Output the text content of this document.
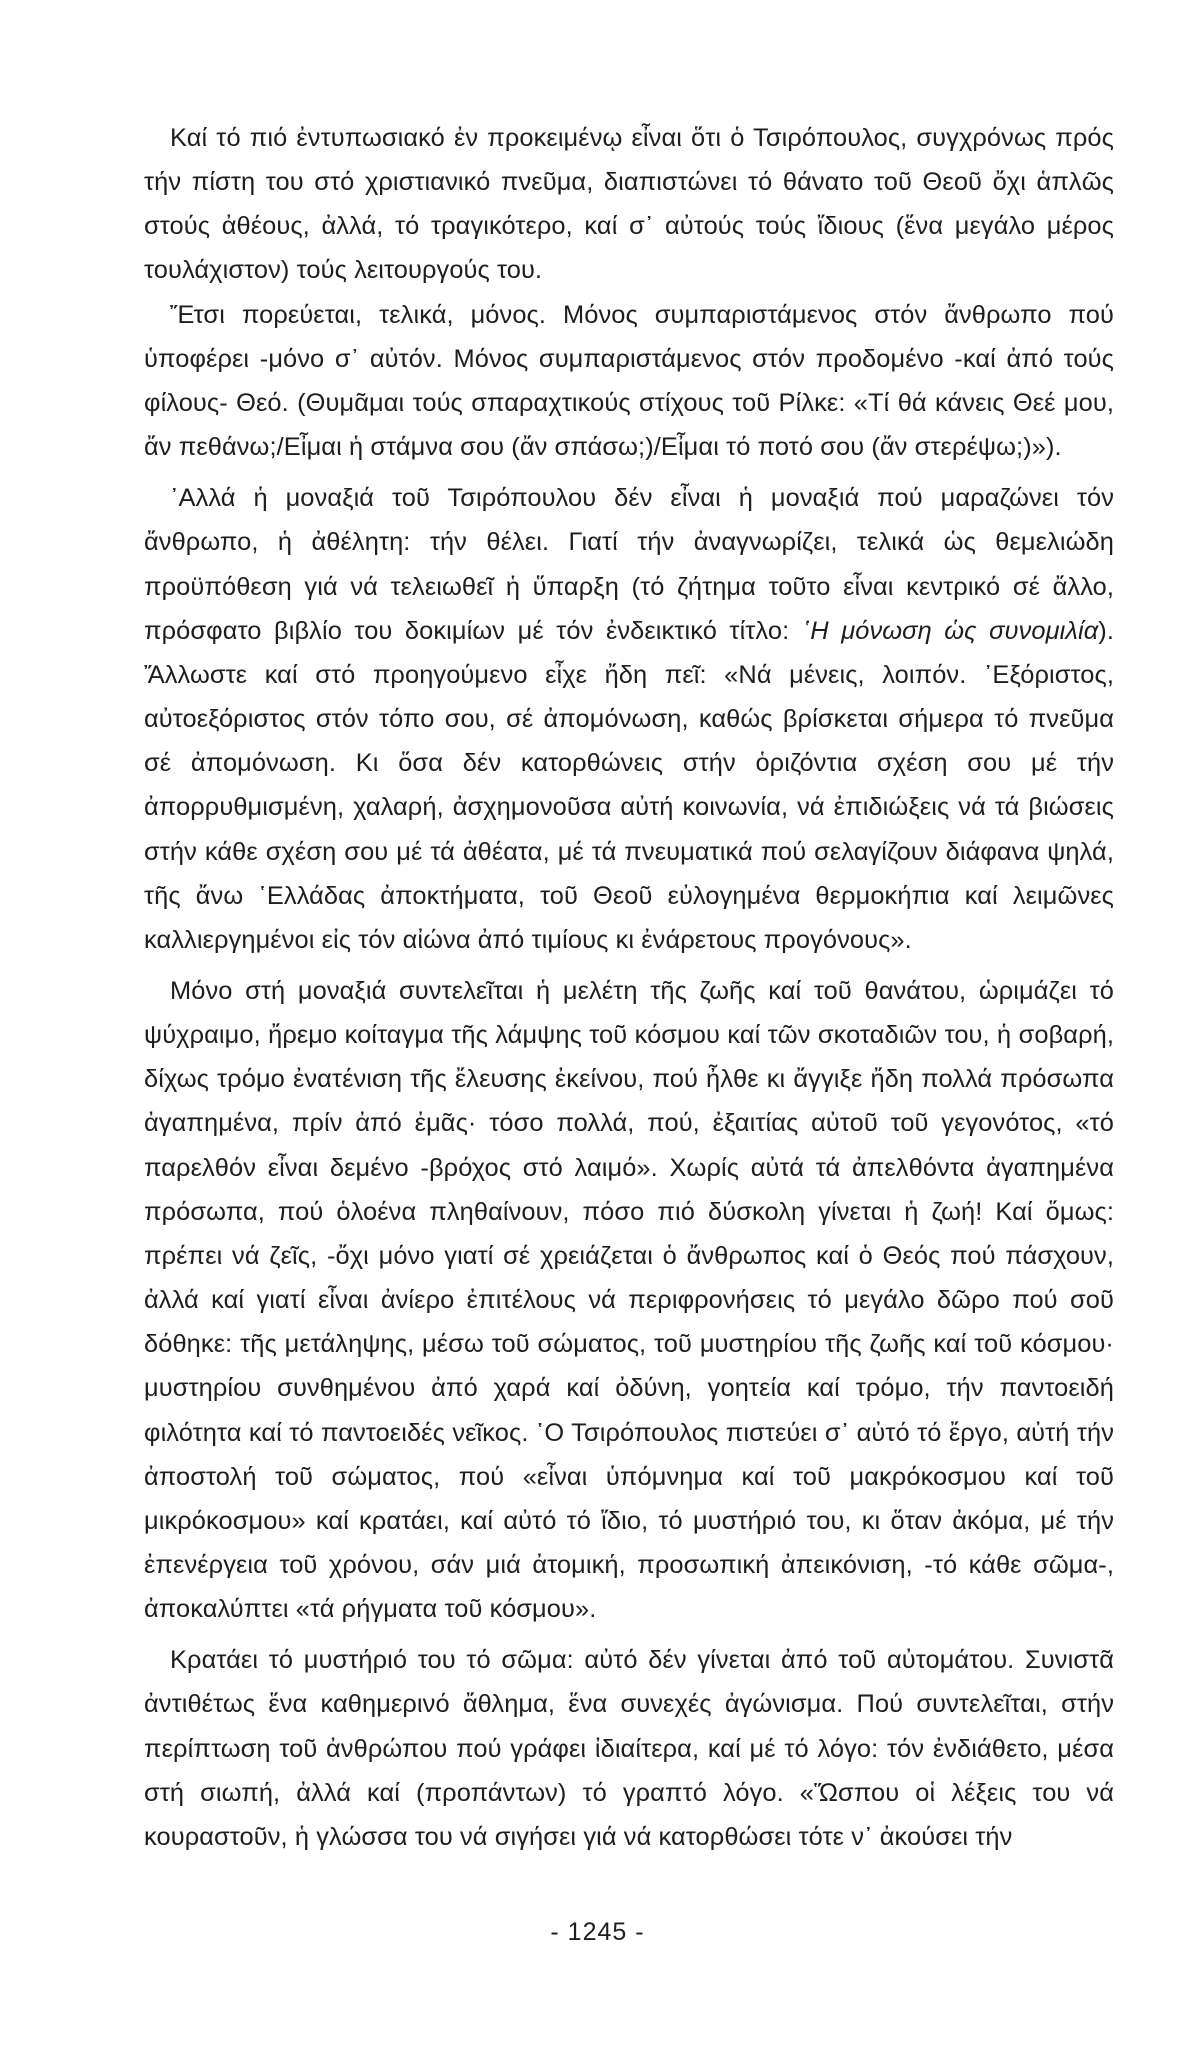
Καί τό πιό ἐντυπωσιακό ἐν προκειμένῳ εἶναι ὅτι ὁ Τσιρόπουλος, συγχρόνως πρός τήν πίστη του στό χριστιανικό πνεῦμα, διαπιστώνει τό θάνατο τοῦ Θεοῦ ὄχι ἁπλῶς στούς ἀθέους, ἀλλά, τό τραγικότερο, καί σ᾽ αὐτούς τούς ἴδιους (ἕνα μεγάλο μέρος τουλάχιστον) τούς λειτουργούς του.

Ἔτσι πορεύεται, τελικά, μόνος. Μόνος συμπαριστάμενος στόν ἄνθρωπο πού ὑποφέρει -μόνο σ᾽ αὐτόν. Μόνος συμπαριστάμενος στόν προδομένο -καί ἀπό τούς φίλους- Θεό. (Θυμᾶμαι τούς σπαραχτικούς στίχους τοῦ Ρίλκε: «Τί θά κάνεις Θεέ μου, ἄν πεθάνω;/Εἶμαι ἡ στάμνα σου (ἄν σπάσω;)/Εἶμαι τό ποτό σου (ἄν στερέψω;)»).

᾽Αλλά ἡ μοναξιά τοῦ Τσιρόπουλου δέν εἶναι ἡ μοναξιά πού μαραζώνει τόν ἄνθρωπο, ἡ ἀθέλητη: τήν θέλει. Γιατί τήν ἀναγνωρίζει, τελικά ὡς θεμελιώδη προϋπόθεση γιά νά τελειωθεῖ ἡ ὕπαρξη (τό ζήτημα τοῦτο εἶναι κεντρικό σέ ἄλλο, πρόσφατο βιβλίο του δοκιμίων μέ τόν ἐνδεικτικό τίτλο: ῾Η μόνωση ὡς συνομιλία). Ἄλλωστε καί στό προηγούμενο εἶχε ἤδη πεῖ: «Νά μένεις, λοιπόν. ᾽Εξόριστος, αὐτοεξόριστος στόν τόπο σου, σέ ἀπομόνωση, καθώς βρίσκεται σήμερα τό πνεῦμα σέ ἀπομόνωση. Κι ὅσα δέν κατορθώνεις στήν ὁριζόντια σχέση σου μέ τήν ἀπορρυθμισμένη, χαλαρή, ἀσχημονοῦσα αὐτή κοινωνία, νά ἐπιδιώξεις νά τά βιώσεις στήν κάθε σχέση σου μέ τά ἀθέατα, μέ τά πνευματικά πού σελαγίζουν διάφανα ψηλά, τῆς ἄνω ῾Ελλάδας ἀποκτήματα, τοῦ Θεοῦ εὐλογημένα θερμοκήπια καί λειμῶνες καλλιεργημένοι εἰς τόν αἰώνα ἀπό τιμίους κι ἐνάρετους προγόνους».

Μόνο στή μοναξιά συντελεῖται ἡ μελέτη τῆς ζωῆς καί τοῦ θανάτου, ὡριμάζει τό ψύχραιμο, ἤρεμο κοίταγμα τῆς λάμψης τοῦ κόσμου καί τῶν σκοταδιῶν του, ἡ σοβαρή, δίχως τρόμο ἐνατένιση τῆς ἔλευσης ἐκείνου, πού ἦλθε κι ἄγγιξε ἤδη πολλά πρόσωπα ἀγαπημένα, πρίν ἀπό ἐμᾶς· τόσο πολλά, πού, ἐξαιτίας αὐτοῦ τοῦ γεγονότος, «τό παρελθόν εἶναι δεμένο -βρόχος στό λαιμό». Χωρίς αὐτά τά ἀπελθόντα ἀγαπημένα πρόσωπα, πού ὁλοένα πληθαίνουν, πόσο πιό δύσκολη γίνεται ἡ ζωή! Καί ὅμως: πρέπει νά ζεῖς, -ὄχι μόνο γιατί σέ χρειάζεται ὁ ἄνθρωπος καί ὁ Θεός πού πάσχουν, ἀλλά καί γιατί εἶναι ἀνίερο ἐπιτέλους νά περιφρονήσεις τό μεγάλο δῶρο πού σοῦ δόθηκε: τῆς μετάληψης, μέσω τοῦ σώματος, τοῦ μυστηρίου τῆς ζωῆς καί τοῦ κόσμου· μυστηρίου συνθημένου ἀπό χαρά καί ὀδύνη, γοητεία καί τρόμο, τήν παντοειδή φιλότητα καί τό παντοειδές νεῖκος. ῾Ο Τσιρόπουλος πιστεύει σ᾽ αὐτό τό ἔργο, αὐτή τήν ἀποστολή τοῦ σώματος, πού «εἶναι ὑπόμνημα καί τοῦ μακρόκοσμου καί τοῦ μικρόκοσμου» καί κρατάει, καί αὐτό τό ἴδιο, τό μυστήριό του, κι ὅταν ἀκόμα, μέ τήν ἐπενέργεια τοῦ χρόνου, σάν μιά ἀτομική, προσωπική ἀπεικόνιση, -τό κάθε σῶμα-, ἀποκαλύπτει «τά ρήγματα τοῦ κόσμου».

Κρατάει τό μυστήριό του τό σῶμα: αὐτό δέν γίνεται ἀπό τοῦ αὐτομάτου. Συνιστᾶ ἀντιθέτως ἕνα καθημερινό ἄθλημα, ἕνα συνεχές ἀγώνισμα. Πού συντελεῖται, στήν περίπτωση τοῦ ἀνθρώπου πού γράφει ἰδιαίτερα, καί μέ τό λόγο: τόν ἐνδιάθετο, μέσα στή σιωπή, ἀλλά καί (προπάντων) τό γραπτό λόγο. «Ὥσπου οἱ λέξεις του νά κουραστοῦν, ἡ γλώσσα του νά σιγήσει γιά νά κατορθώσει τότε ν᾽ ἀκούσει τήν

- 1245 -
